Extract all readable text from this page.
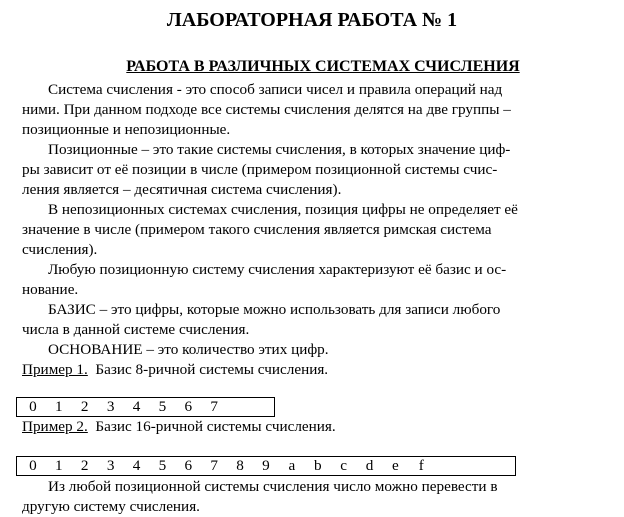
ЛАБОРАТОРНАЯ РАБОТА № 1
РАБОТА В РАЗЛИЧНЫХ СИСТЕМАХ СЧИСЛЕНИЯ
Система счисления - это способ записи чисел и правила операций над
ними. При данном подходе все системы счисления делятся на две группы –
позиционные и непозиционные.
Позиционные – это такие системы счисления, в которых значение циф-
ры зависит от её позиции в числе (примером позиционной системы счис-
ления является – десятичная система счисления).
В непозиционных системах счисления, позиция цифры не определяет её
значение в числе (примером такого счисления является римская система
счисления).
Любую позиционную систему счисления характеризуют её базис и ос-
нование.
БАЗИС – это цифры, которые можно использовать для записи любого
числа в данной системе счисления.
ОСНОВАНИЕ – это количество этих цифр.
Пример 1. Базис 8-ричной системы счисления.
0	1	2	3	4	5	6	7
Пример 2. Базис 16-ричной системы счисления.
0	1	2	3	4	5	6	7	8	9	a	b	c	d	e	f
Из любой позиционной системы счисления число можно перевести в
другую систему счисления.
